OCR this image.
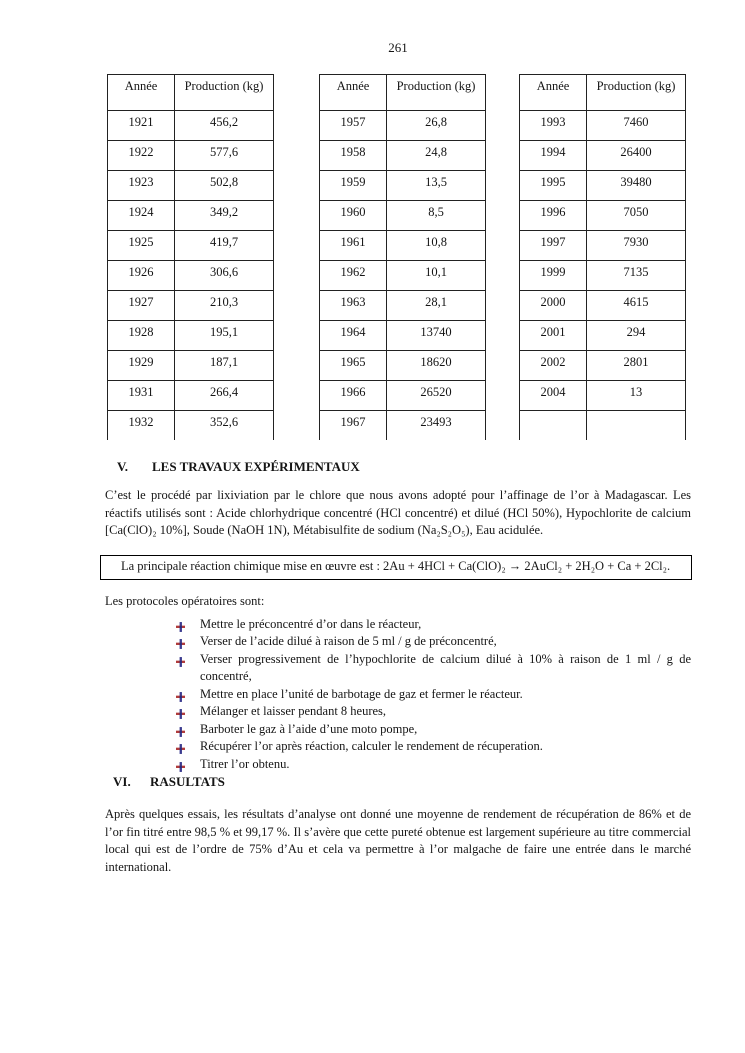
261
Année	Production (kg)
1921	456,2
1922	577,6
1923	502,8
1924	349,2
1925	419,7
1926	306,6
1927	210,3
1928	195,1
1929	187,1
1931	266,4
1932	352,6
Année	Production (kg)
1957	26,8
1958	24,8
1959	13,5
1960	8,5
1961	10,8
1962	10,1
1963	28,1
1964	13740
1965	18620
1966	26520
1967	23493
Année	Production (kg)
1993	7460
1994	26400
1995	39480
1996	7050
1997	7930
1999	7135
2000	4615
2001	294
2002	2801
2004	13

V.	LES TRAVAUX EXPÉRIMENTAUX

C’est le procédé par lixiviation par le chlore que nous avons adopté pour l’affinage de l’or à Madagascar. Les réactifs utilisés sont : Acide chlorhydrique concentré (HCl concentré) et dilué (HCl 50%), Hypochlorite de calcium [Ca(ClO)₂ 10%], Soude (NaOH 1N), Métabisulfite de sodium (Na₂S₂O₅), Eau acidulée.

La principale réaction chimique mise en œuvre est : 2Au + 4HCl + Ca(ClO)₂ → 2AuCl₂ + 2H₂O + Ca + 2Cl₂.

Les protocoles opératoires sont:

Mettre le préconcentré d’or dans le réacteur,
Verser de l’acide dilué à raison de 5 ml / g de préconcentré,
Verser progressivement de l’hypochlorite de calcium dilué à 10% à raison de 1 ml / g de concentré,
Mettre en place l’unité de barbotage de gaz et fermer le réacteur.
Mélanger et laisser pendant 8 heures,
Barboter le gaz à l’aide d’une moto pompe,
Récupérer l’or après réaction, calculer le rendement de récuperation.
Titrer l’or obtenu.
VI.	RASULTATS

Après quelques essais, les résultats d’analyse ont donné une moyenne de rendement de récupération de 86% et de l’or fin titré entre 98,5 % et 99,17 %. Il s’avère que cette pureté obtenue est largement supérieure au titre commercial local qui est de l’ordre de 75% d’Au et cela va permettre à l’or malgache de faire une entrée dans le marché international.
